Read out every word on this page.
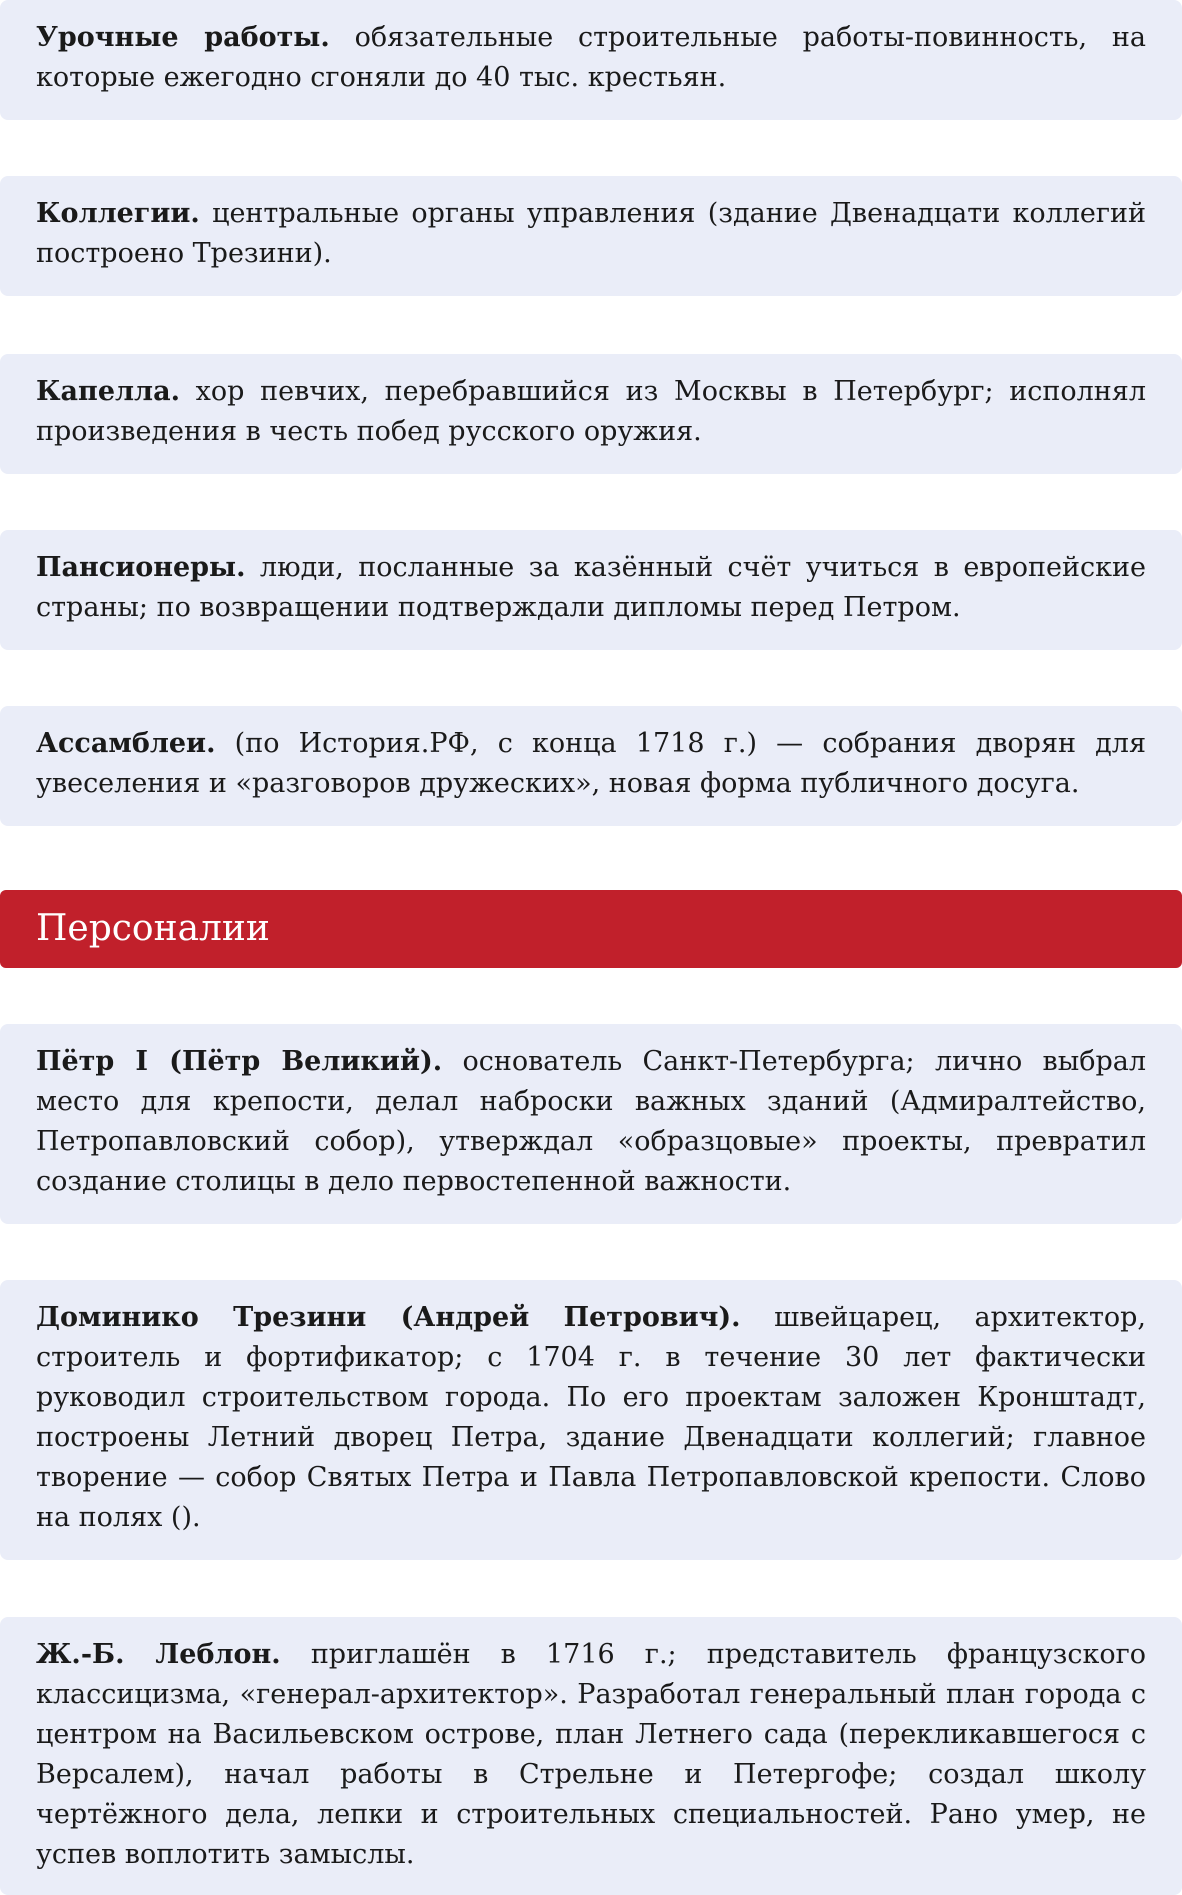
Урочные работы. обязательные строительные работы-повинность, на которые ежегодно сгоняли до 40 тыс. крестьян.
Коллегии. центральные органы управления (здание Двенадцати коллегий построено Трезини).
Капелла. хор певчих, перебравшийся из Москвы в Петербург; исполнял произведения в честь побед русского оружия.
Пансионеры. люди, посланные за казённый счёт учиться в европейские страны; по возвращении подтверждали дипломы перед Петром.
Ассамблеи. (по История.РФ, с конца 1718 г.) — собрания дворян для увеселения и «разговоров дружеских», новая форма публичного досуга.
Персоналии
Пётр I (Пётр Великий). основатель Санкт-Петербурга; лично выбрал место для крепости, делал наброски важных зданий (Адмиралтейство, Петропавловский собор), утверждал «образцовые» проекты, превратил создание столицы в дело первостепенной важности.
Доминико Трезини (Андрей Петрович). швейцарец, архитектор, строитель и фортификатор; с 1704 г. в течение 30 лет фактически руководил строительством города. По его проектам заложен Кронштадт, построены Летний дворец Петра, здание Двенадцати коллегий; главное творение — собор Святых Петра и Павла Петропавловской крепости. Слово на полях ().
Ж.-Б. Леблон. приглашён в 1716 г.; представитель французского классицизма, «генерал-архитектор». Разработал генеральный план города с центром на Васильевском острове, план Летнего сада (перекликавшегося с Версалем), начал работы в Стрельне и Петергофе; создал школу чертёжного дела, лепки и строительных специальностей. Рано умер, не успев воплотить замыслы.
